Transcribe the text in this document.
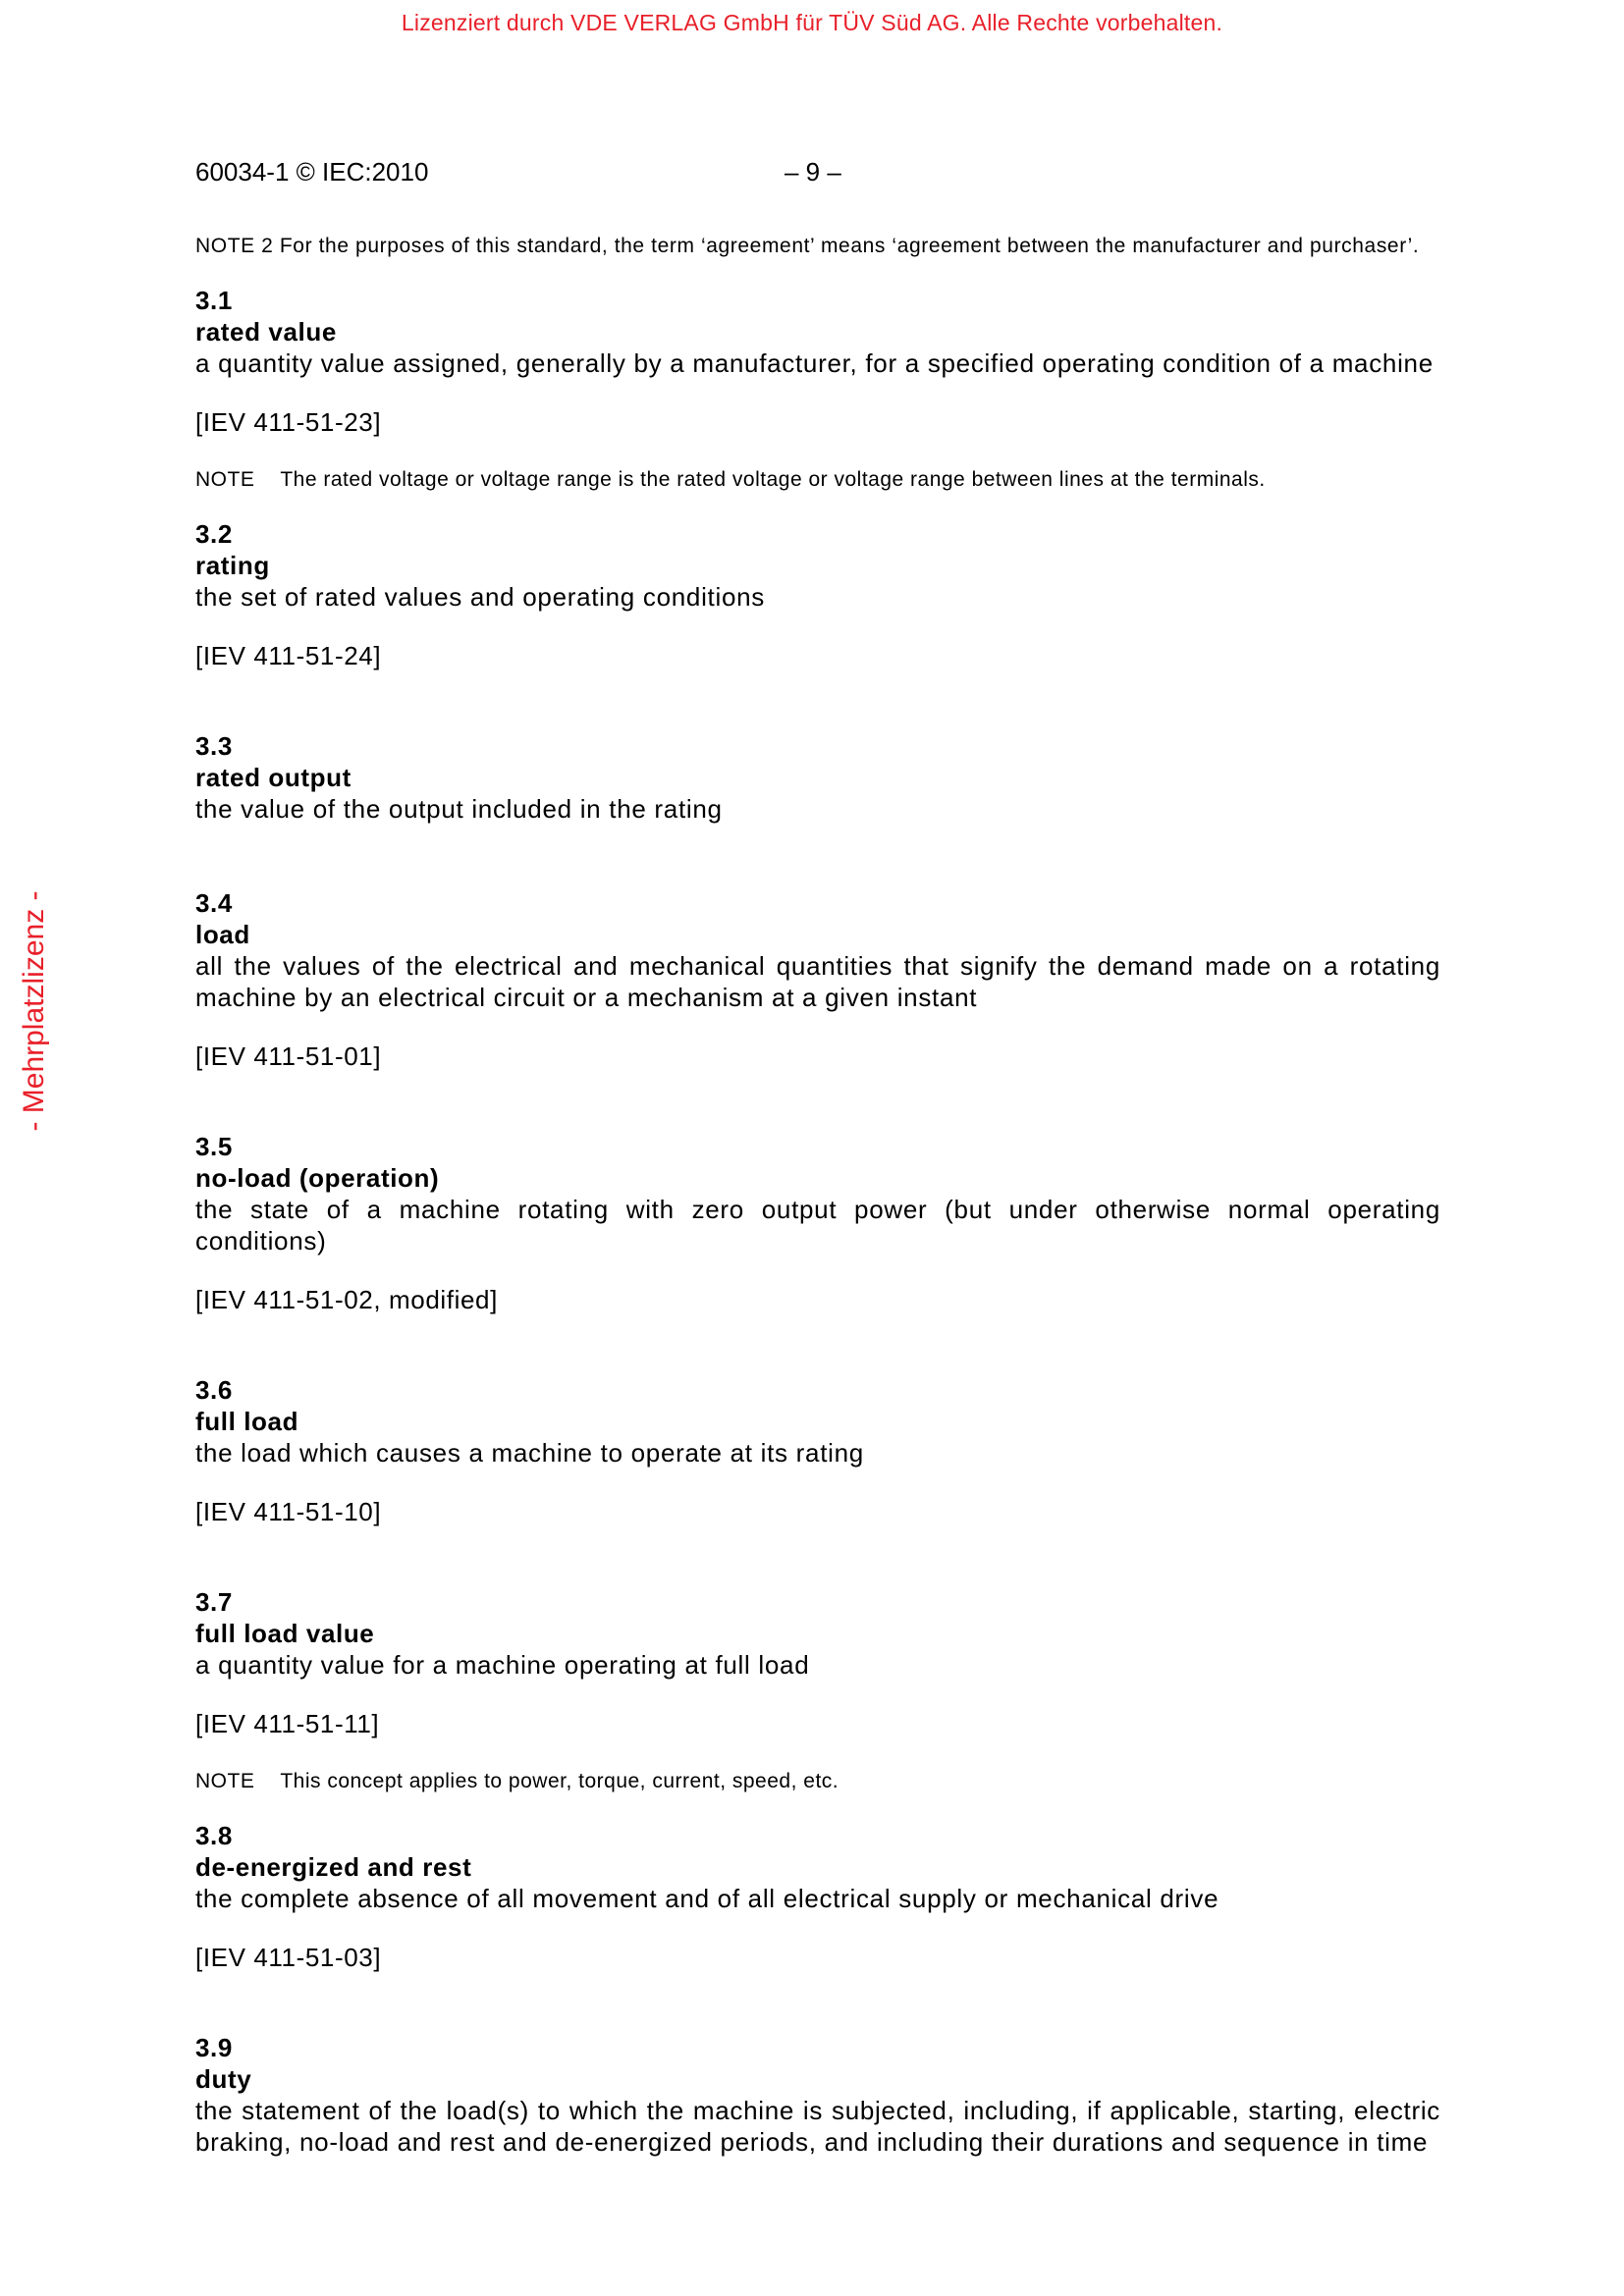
Lizenziert durch VDE VERLAG GmbH für TÜV Süd AG. Alle Rechte vorbehalten.
- Mehrplatzlizenz -
60034-1 © IEC:2010	– 9 –
NOTE 2 For the purposes of this standard, the term ‘agreement’ means ‘agreement between the manufacturer and purchaser’.
3.1
rated value
a quantity value assigned, generally by a manufacturer, for a specified operating condition of a machine
[IEV 411-51-23]
NOTE The rated voltage or voltage range is the rated voltage or voltage range between lines at the terminals.
3.2
rating
the set of rated values and operating conditions
[IEV 411-51-24]
3.3
rated output
the value of the output included in the rating
3.4
load
all the values of the electrical and mechanical quantities that signify the demand made on a rotating machine by an electrical circuit or a mechanism at a given instant
[IEV 411-51-01]
3.5
no-load (operation)
the state of a machine rotating with zero output power (but under otherwise normal operating conditions)
[IEV 411-51-02, modified]
3.6
full load
the load which causes a machine to operate at its rating
[IEV 411-51-10]
3.7
full load value
a quantity value for a machine operating at full load
[IEV 411-51-11]
NOTE This concept applies to power, torque, current, speed, etc.
3.8
de-energized and rest
the complete absence of all movement and of all electrical supply or mechanical drive
[IEV 411-51-03]
3.9
duty
the statement of the load(s) to which the machine is subjected, including, if applicable, starting, electric braking, no-load and rest and de-energized periods, and including their durations and sequence in time
